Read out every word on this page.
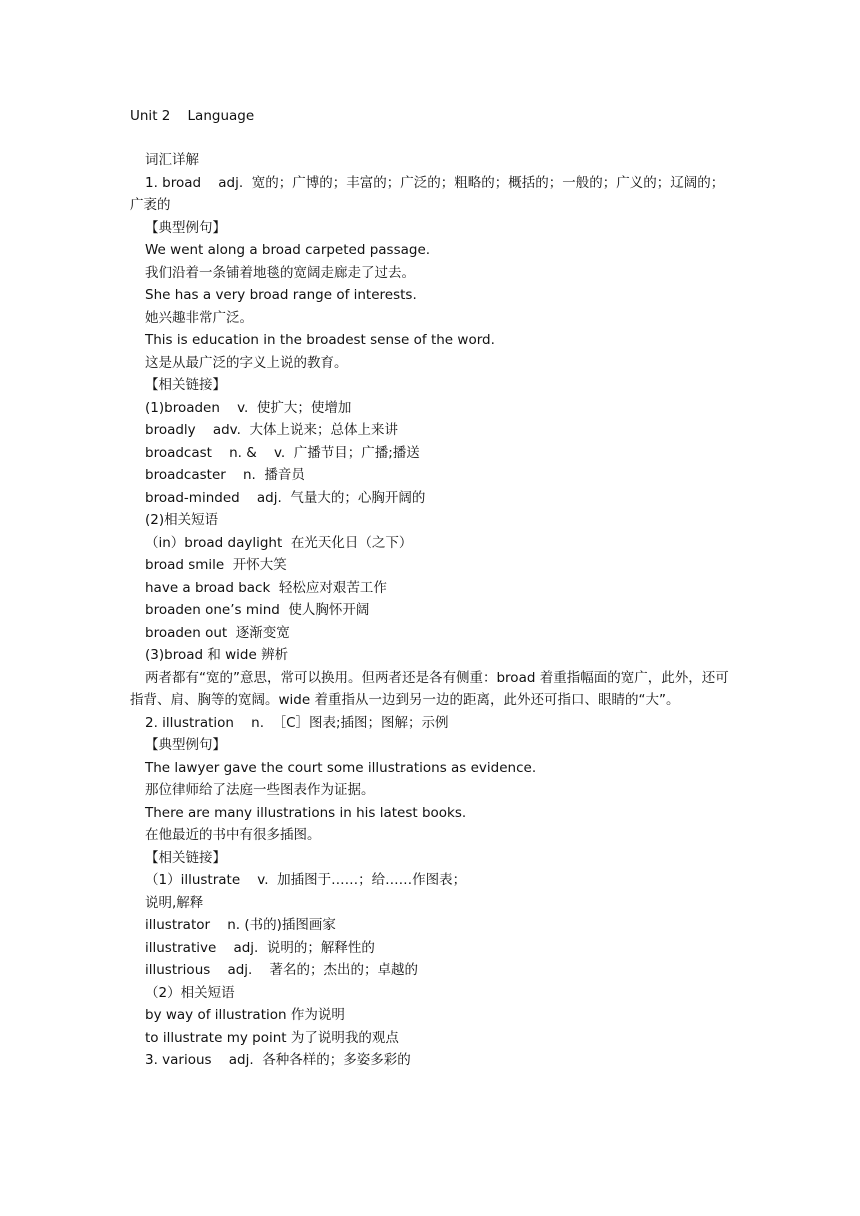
Unit 2    Language

词汇详解

1. broad    adj.  宽的；广博的；丰富的；广泛的；粗略的；概括的；一般的；广义的；辽阔的；广袤的

【典型例句】

We went along a broad carpeted passage.

我们沿着一条铺着地毯的宽阔走廊走了过去。

She has a very broad range of interests.

她兴趣非常广泛。

This is education in the broadest sense of the word.

这是从最广泛的字义上说的教育。

【相关链接】

(1)broaden    v.  使扩大；使增加

broadly    adv.  大体上说来；总体上来讲

broadcast    n. &    v.  广播节目；广播;播送

broadcaster    n.  播音员

broad-minded    adj.  气量大的；心胸开阔的

(2)相关短语

（in）broad daylight  在光天化日（之下）

broad smile  开怀大笑

have a broad back  轻松应对艰苦工作

broaden one’s mind  使人胸怀开阔

broaden out  逐渐变宽

(3)broad 和 wide 辨析

两者都有“宽的”意思，常可以换用。但两者还是各有侧重：broad 着重指幅面的宽广，此外，还可指背、肩、胸等的宽阔。wide 着重指从一边到另一边的距离，此外还可指口、眼睛的“大”。

2. illustration    n.  ［C］图表;插图；图解；示例

【典型例句】

The lawyer gave the court some illustrations as evidence.

那位律师给了法庭一些图表作为证据。

There are many illustrations in his latest books.

在他最近的书中有很多插图。

【相关链接】

（1）illustrate    v.  加插图于……；给……作图表；

说明,解释

illustrator    n. (书的)插图画家

illustrative    adj.  说明的；解释性的

illustrious    adj.    著名的；杰出的；卓越的

（2）相关短语

by way of illustration 作为说明

to illustrate my point 为了说明我的观点

3. various    adj.  各种各样的；多姿多彩的
